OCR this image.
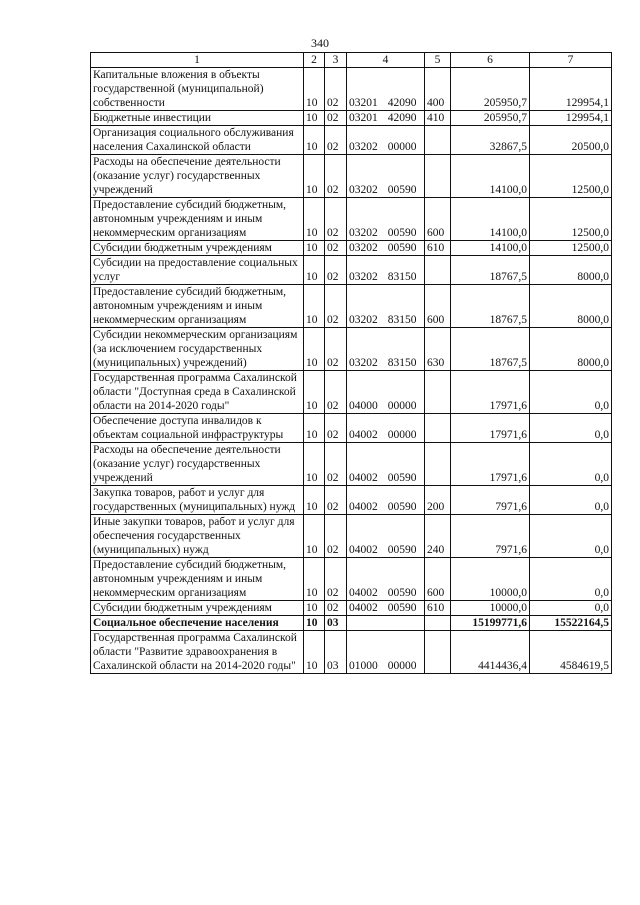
340
1	2	3	4	5	6	7
Капитальные вложения в объекты государственной (муниципальной) собственности	10	02	03201 42090	400	205950,7	129954,1
Бюджетные инвестиции	10	02	03201 42090	410	205950,7	129954,1
Организация социального обслуживания населения Сахалинской области	10	02	03202 00000		32867,5	20500,0
Расходы на обеспечение деятельности (оказание услуг) государственных учреждений	10	02	03202 00590		14100,0	12500,0
Предоставление субсидий бюджетным, автономным учреждениям и иным некоммерческим организациям	10	02	03202 00590	600	14100,0	12500,0
Субсидии бюджетным учреждениям	10	02	03202 00590	610	14100,0	12500,0
Субсидии на предоставление социальных услуг	10	02	03202 83150		18767,5	8000,0
Предоставление субсидий бюджетным, автономным учреждениям и иным некоммерческим организациям	10	02	03202 83150	600	18767,5	8000,0
Субсидии некоммерческим организациям (за исключением государственных (муниципальных) учреждений)	10	02	03202 83150	630	18767,5	8000,0
Государственная программа Сахалинской области "Доступная среда в Сахалинской области на 2014-2020 годы"	10	02	04000 00000		17971,6	0,0
Обеспечение доступа инвалидов к объектам социальной инфраструктуры	10	02	04002 00000		17971,6	0,0
Расходы на обеспечение деятельности (оказание услуг) государственных учреждений	10	02	04002 00590		17971,6	0,0
Закупка товаров, работ и услуг для государственных (муниципальных) нужд	10	02	04002 00590	200	7971,6	0,0
Иные закупки товаров, работ и услуг для обеспечения государственных (муниципальных) нужд	10	02	04002 00590	240	7971,6	0,0
Предоставление субсидий бюджетным, автономным учреждениям и иным некоммерческим организациям	10	02	04002 00590	600	10000,0	0,0
Субсидии бюджетным учреждениям	10	02	04002 00590	610	10000,0	0,0
Социальное обеспечение населения	10	03			15199771,6	15522164,5
Государственная программа Сахалинской области "Развитие здравоохранения в Сахалинской области на 2014-2020 годы"	10	03	01000 00000		4414436,4	4584619,5
